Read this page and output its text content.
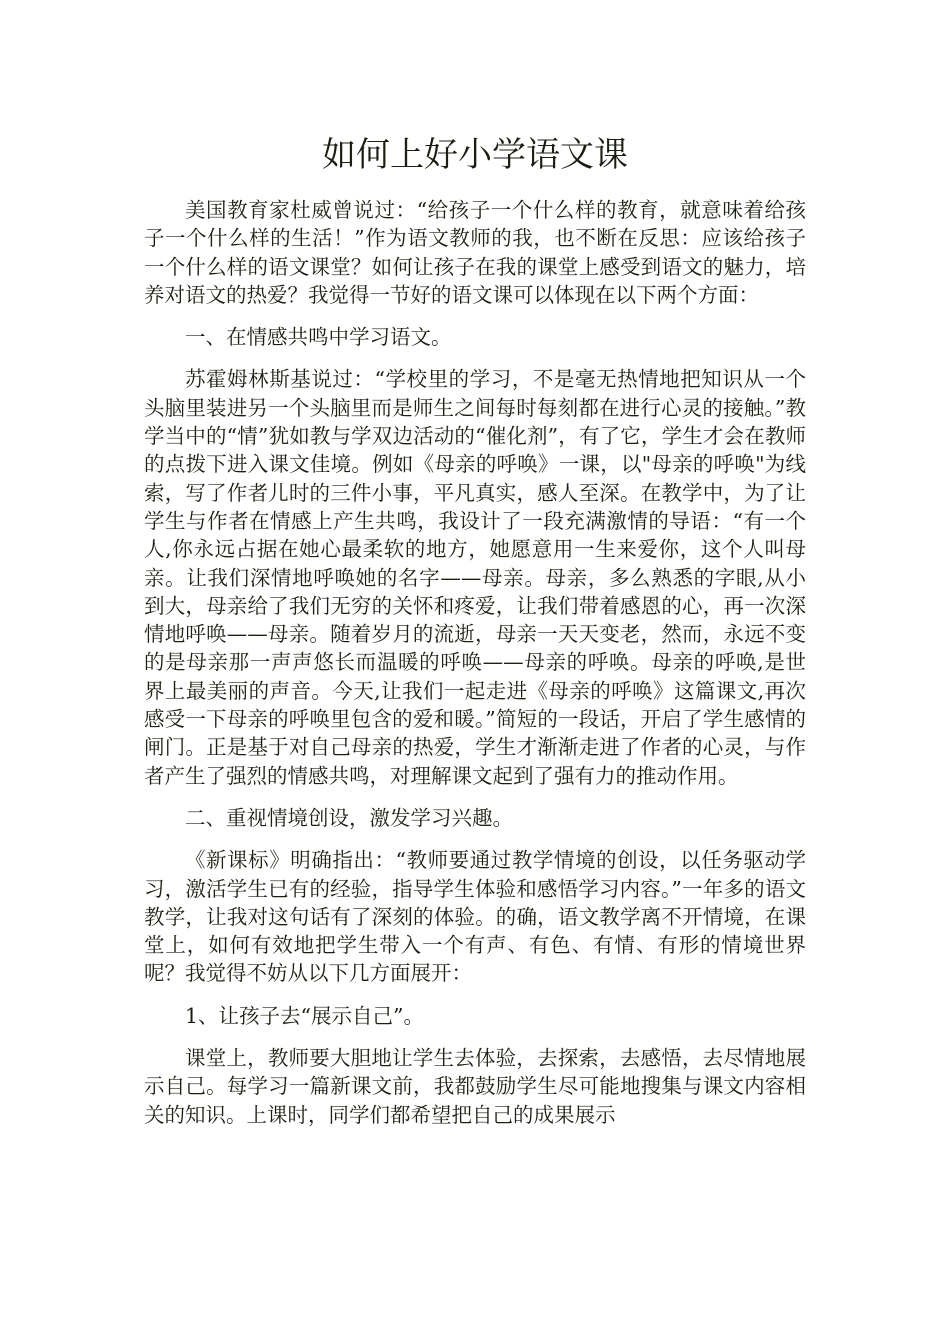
如何上好小学语文课

美国教育家杜威曾说过：“给孩子一个什么样的教育，就意味着给孩子一个什么样的生活！”作为语文教师的我，也不断在反思：应该给孩子一个什么样的语文课堂？如何让孩子在我的课堂上感受到语文的魅力，培养对语文的热爱？我觉得一节好的语文课可以体现在以下两个方面：

一、在情感共鸣中学习语文。

苏霍姆林斯基说过：“学校里的学习，不是毫无热情地把知识从一个头脑里装进另一个头脑里而是师生之间每时每刻都在进行心灵的接触。”教学当中的“情”犹如教与学双边活动的“催化剂”，有了它，学生才会在教师的点拨下进入课文佳境。例如《母亲的呼唤》一课，以"母亲的呼唤"为线索，写了作者儿时的三件小事，平凡真实，感人至深。在教学中，为了让学生与作者在情感上产生共鸣，我设计了一段充满激情的导语：“有一个人,你永远占据在她心最柔软的地方，她愿意用一生来爱你，这个人叫母亲。让我们深情地呼唤她的名字——母亲。母亲，多么熟悉的字眼,从小到大，母亲给了我们无穷的关怀和疼爱，让我们带着感恩的心，再一次深情地呼唤——母亲。随着岁月的流逝，母亲一天天变老，然而，永远不变的是母亲那一声声悠长而温暖的呼唤——母亲的呼唤。母亲的呼唤,是世界上最美丽的声音。今天,让我们一起走进《母亲的呼唤》这篇课文,再次感受一下母亲的呼唤里包含的爱和暖。”简短的一段话，开启了学生感情的闸门。正是基于对自己母亲的热爱，学生才渐渐走进了作者的心灵，与作者产生了强烈的情感共鸣，对理解课文起到了强有力的推动作用。

二、重视情境创设，激发学习兴趣。

《新课标》明确指出：“教师要通过教学情境的创设，以任务驱动学习，激活学生已有的经验，指导学生体验和感悟学习内容。”一年多的语文教学，让我对这句话有了深刻的体验。的确，语文教学离不开情境，在课堂上，如何有效地把学生带入一个有声、有色、有情、有形的情境世界呢？我觉得不妨从以下几方面展开：

1、让孩子去“展示自己”。

课堂上，教师要大胆地让学生去体验，去探索，去感悟，去尽情地展示自己。每学习一篇新课文前，我都鼓励学生尽可能地搜集与课文内容相关的知识。上课时，同学们都希望把自己的成果展示
